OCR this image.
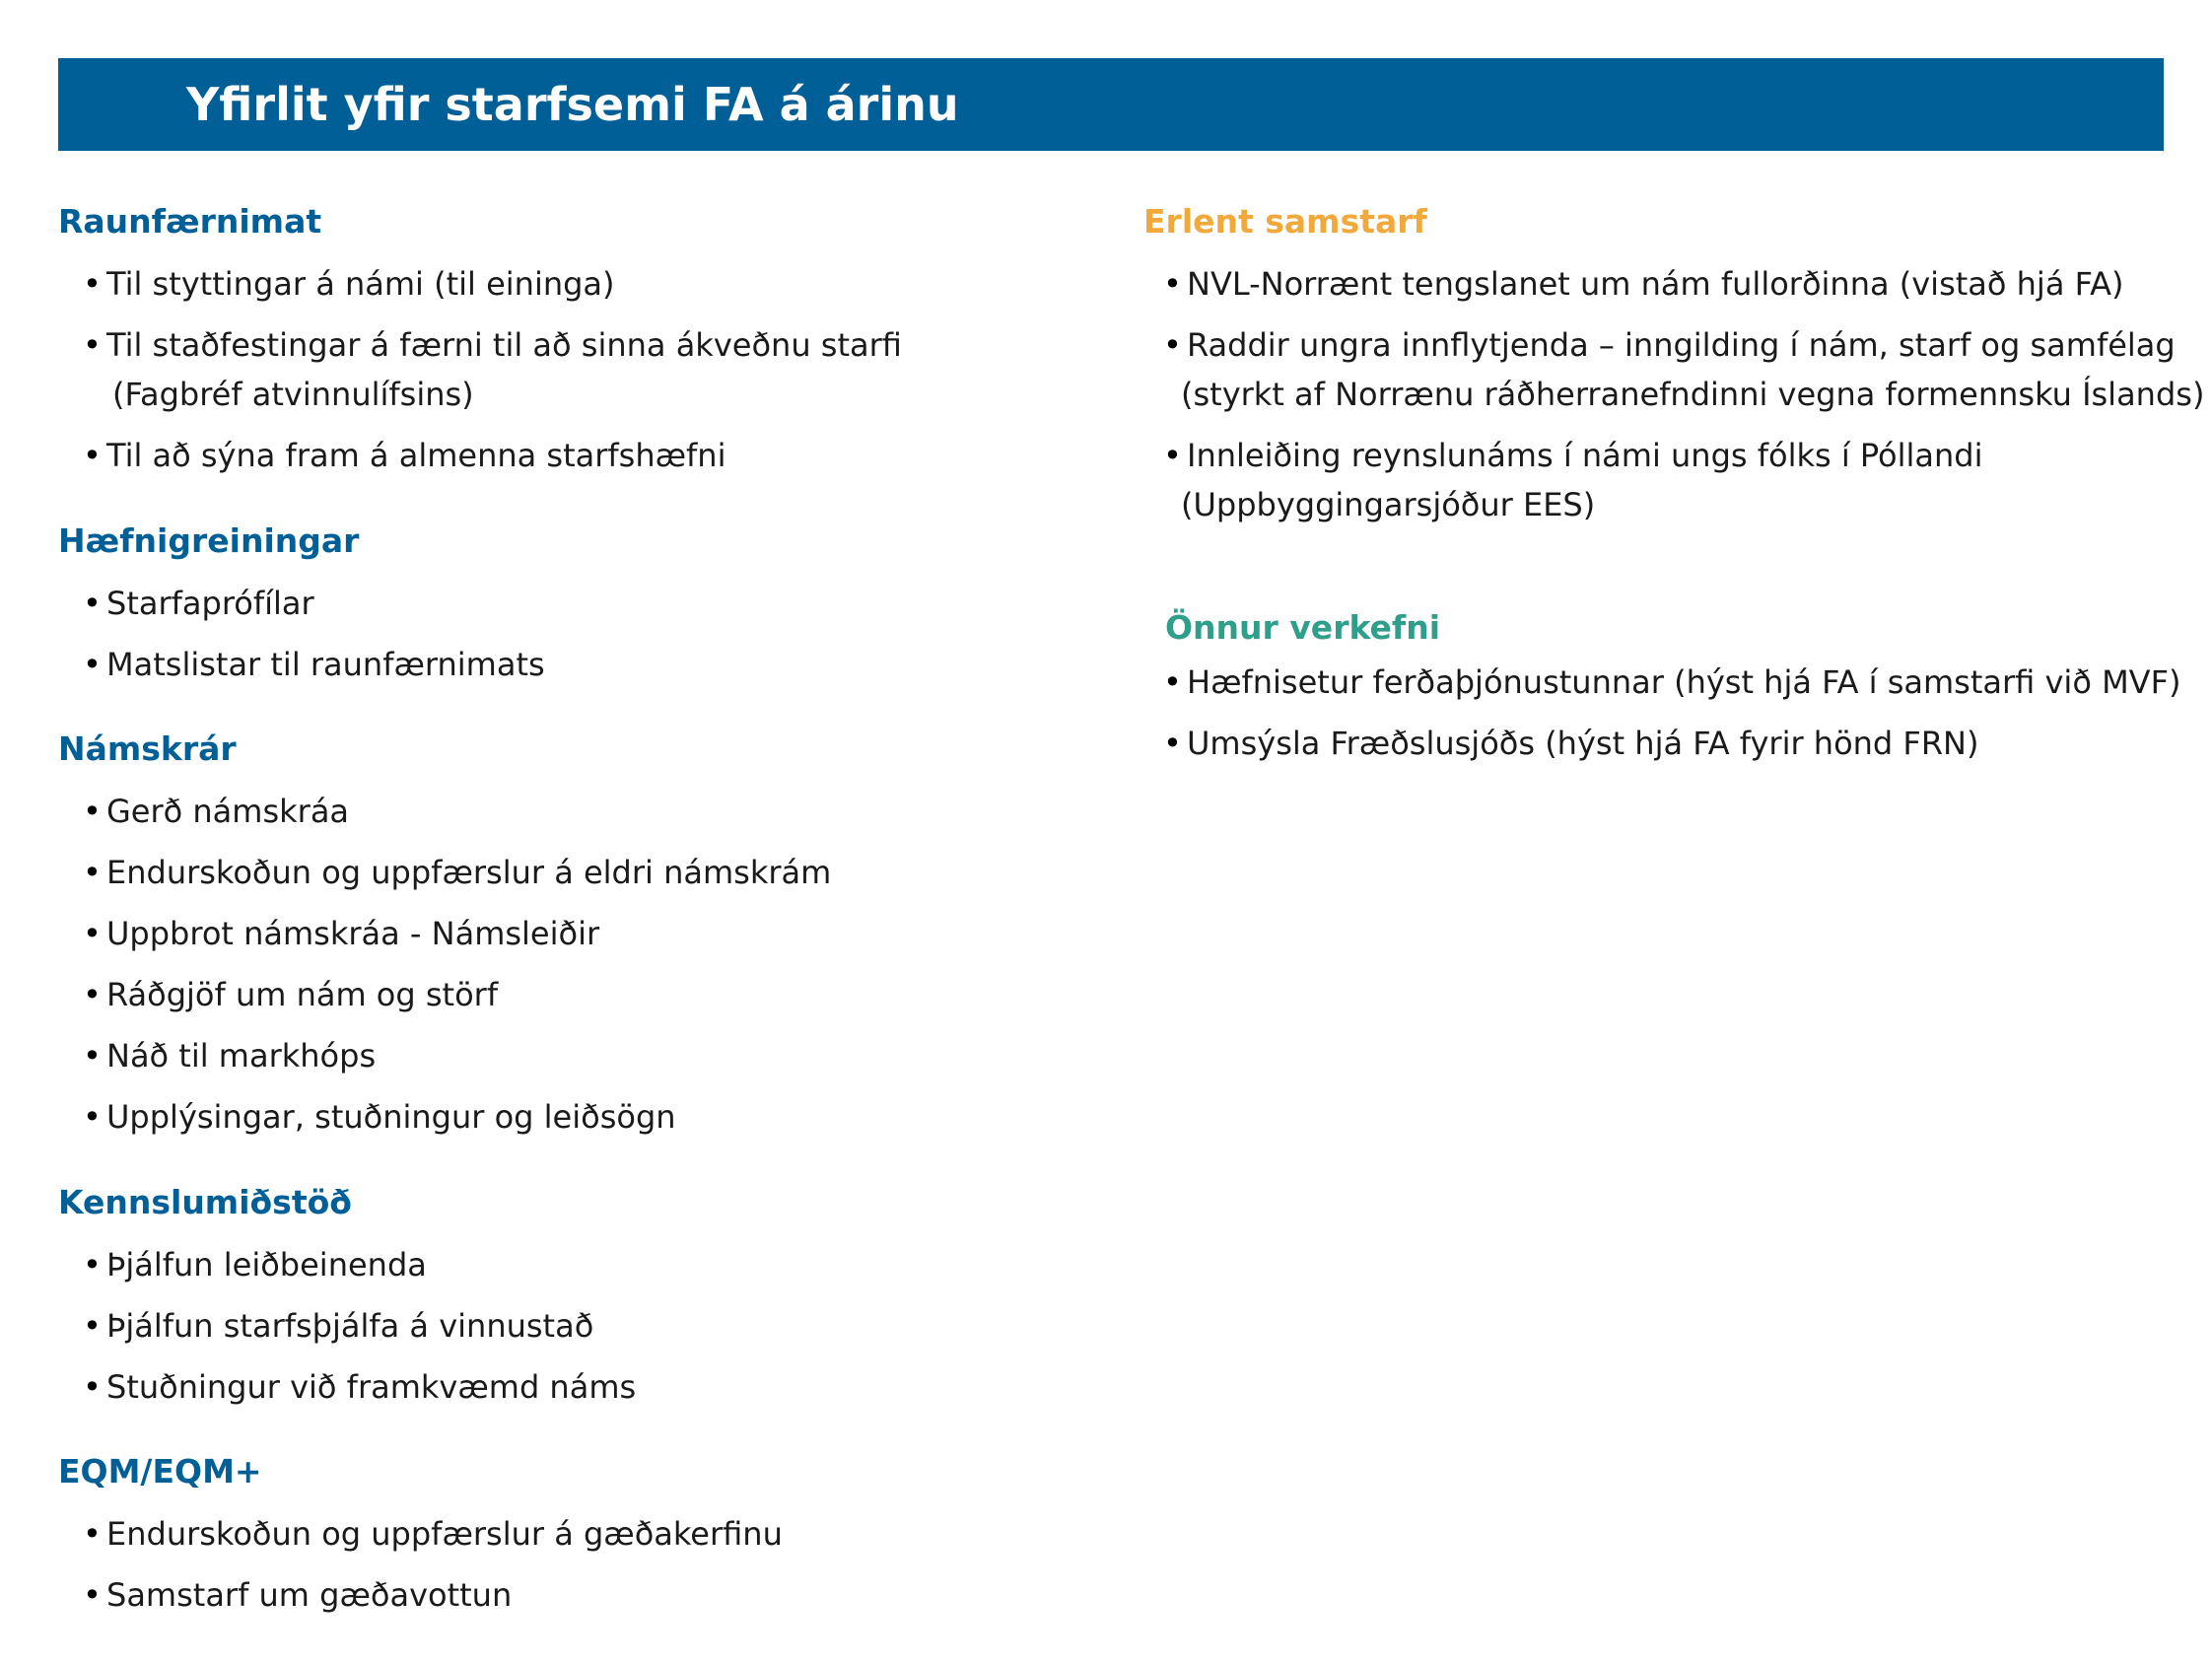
Yfirlit yfir starfsemi FA á árinu
Raunfærnimat
• Til styttingar á námi (til eininga)
• Til staðfestingar á færni til að sinna ákveðnu starfi
(Fagbréf atvinnulífsins)
• Til að sýna fram á almenna starfshæfni
Hæfnigreiningar
• Starfaprófílar
• Matslistar til raunfærnimats
Námskrár
• Gerð námskráa
• Endurskoðun og uppfærslur á eldri námskrám
• Uppbrot námskráa - Námsleiðir
• Ráðgjöf um nám og störf
• Náð til markhóps
• Upplýsingar, stuðningur og leiðsögn
Kennslumiðstöð
• Þjálfun leiðbeinenda
• Þjálfun starfsþjálfa á vinnustað
• Stuðningur við framkvæmd náms
EQM/EQM+
• Endurskoðun og uppfærslur á gæðakerfinu
• Samstarf um gæðavottun
Erlent samstarf
• NVL-Norrænt tengslanet um nám fullorðinna (vistað hjá FA)
• Raddir ungra innflytjenda – inngilding í nám, starf og samfélag
(styrkt af Norrænu ráðherranefndinni vegna formennsku Íslands)
• Innleiðing reynslunáms í námi ungs fólks í Póllandi
(Uppbyggingarsjóður EES)
Önnur verkefni
• Hæfnisetur ferðaþjónustunnar (hýst hjá FA í samstarfi við MVF)
• Umsýsla Fræðslusjóðs (hýst hjá FA fyrir hönd FRN)
